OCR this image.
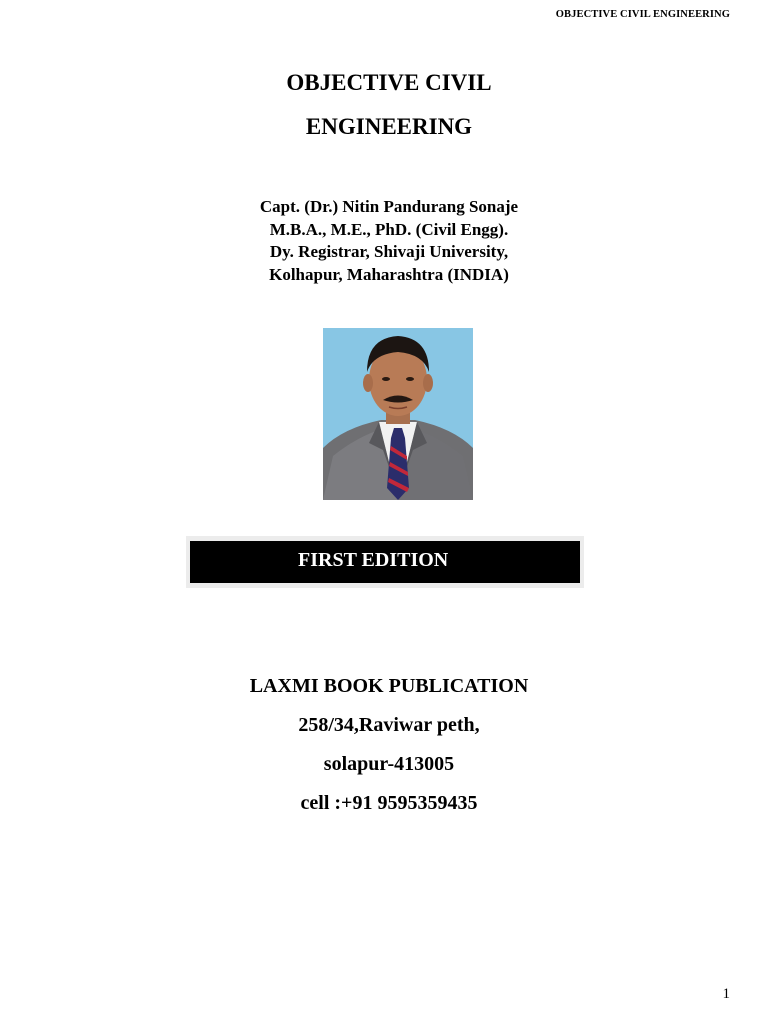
OBJECTIVE CIVIL ENGINEERING
OBJECTIVE CIVIL
ENGINEERING
Capt. (Dr.) Nitin Pandurang Sonaje
M.B.A., M.E., PhD. (Civil Engg).
Dy. Registrar, Shivaji University,
Kolhapur, Maharashtra (INDIA)
FIRST EDITION
LAXMI BOOK PUBLICATION
258/34,Raviwar peth,
solapur-413005
cell :+91 9595359435
1
